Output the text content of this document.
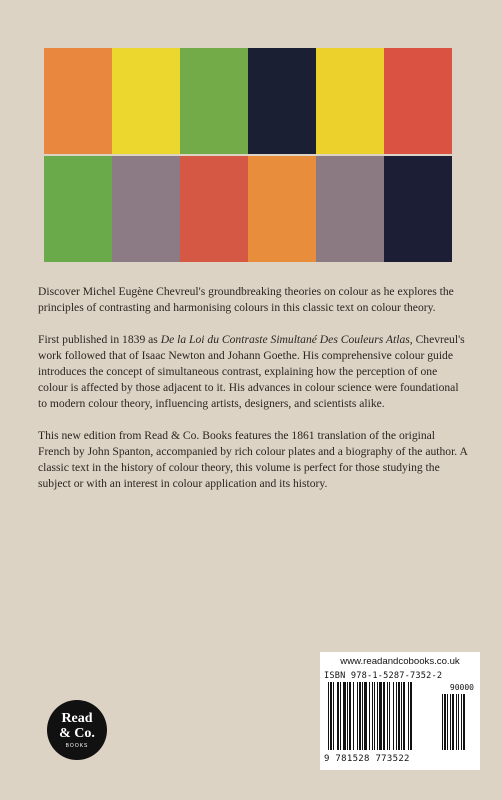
Discover Michel Eugène Chevreul's groundbreaking theories on colour as he explores the principles of contrasting and harmonising colours in this classic text on colour theory.

First published in 1839 as De la Loi du Contraste Simultané Des Couleurs Atlas, Chevreul's work followed that of Isaac Newton and Johann Goethe. His comprehensive colour guide introduces the concept of simultaneous contrast, explaining how the perception of one colour is affected by those adjacent to it. His advances in colour science were foundational to modern colour theory, influencing artists, designers, and scientists alike.

This new edition from Read & Co. Books features the 1861 translation of the original French by John Spanton, accompanied by rich colour plates and a biography of the author. A classic text in the history of colour theory, this volume is perfect for those studying the subject or with an interest in colour application and its history.

Read
& Co.
BOOKS
www.readandcobooks.co.uk
ISBN 978-1-5287-7352-2
90000
9 781528 773522
